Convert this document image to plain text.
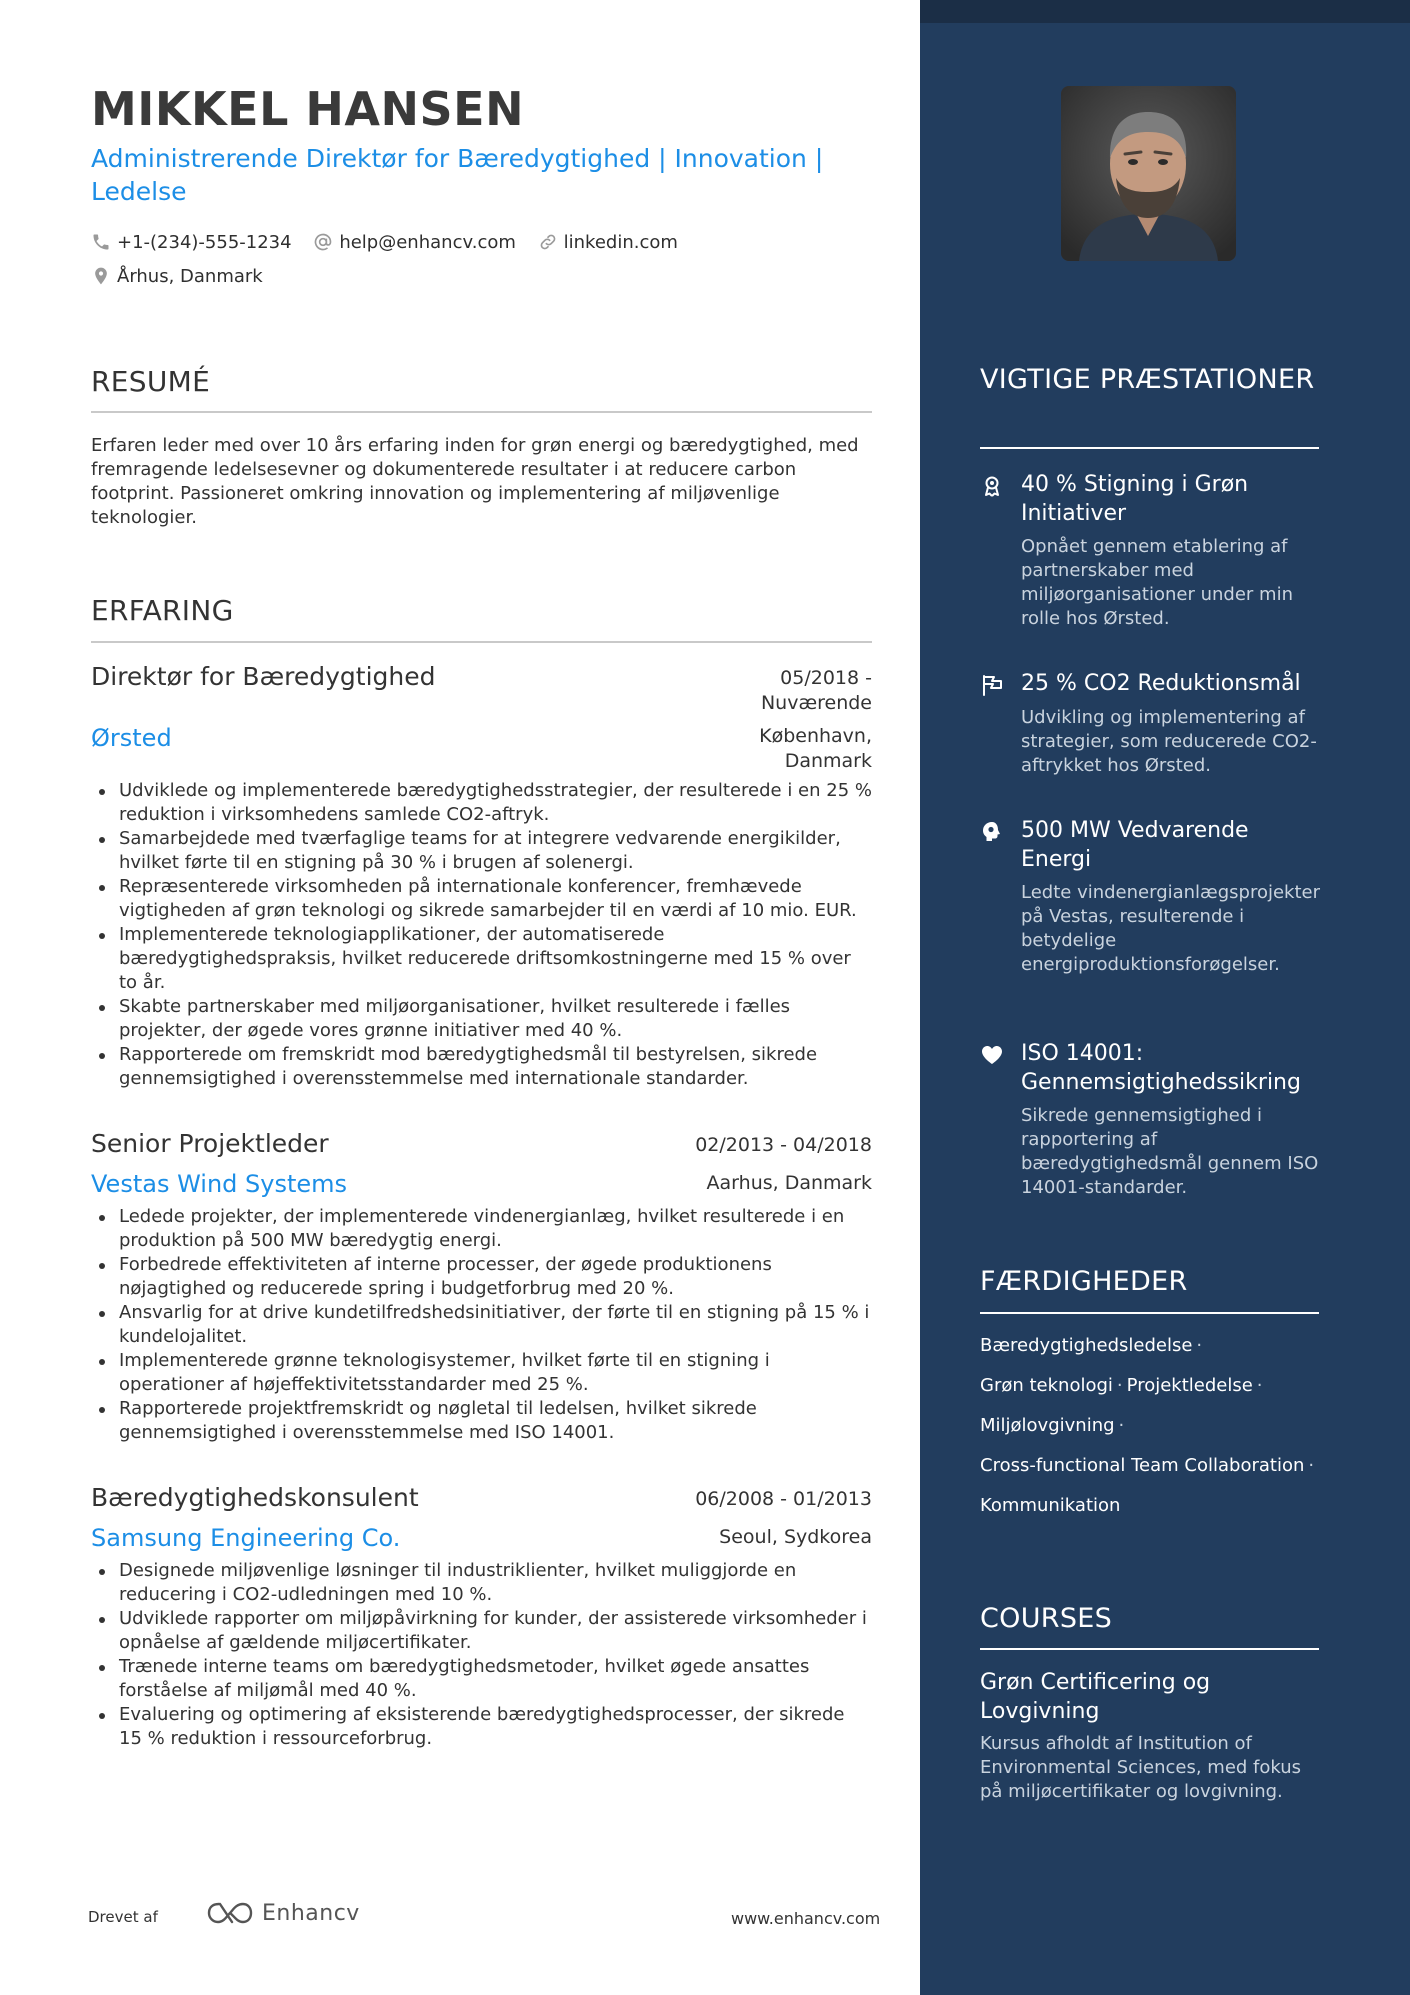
MIKKEL HANSEN
Administrerende Direktør for Bæredygtighed | Innovation | Ledelse
+1-(234)-555-1234
	help@enhancv.com
	linkedin.com
Århus, Danmark
RESUMÉ
Erfaren leder med over 10 års erfaring inden for grøn energi og bæredygtighed, med fremragende ledelsesevner og dokumenterede resultater i at reducere carbon footprint. Passioneret omkring innovation og implementering af miljøvenlige teknologier.
ERFARING
Direktør for Bæredygtighed	05/2018 -
Nuværende
Ørsted	København,
Danmark
Udviklede og implementerede bæredygtighedsstrategier, der resulterede i en 25 % reduktion i virksomhedens samlede CO2-aftryk.
Samarbejdede med tværfaglige teams for at integrere vedvarende energikilder, hvilket førte til en stigning på 30 % i brugen af solenergi.
Repræsenterede virksomheden på internationale konferencer, fremhævede vigtigheden af grøn teknologi og sikrede samarbejder til en værdi af 10 mio. EUR.
Implementerede teknologiapplikationer, der automatiserede bæredygtighedspraksis, hvilket reducerede driftsomkostningerne med 15 % over to år.
Skabte partnerskaber med miljøorganisationer, hvilket resulterede i fælles projekter, der øgede vores grønne initiativer med 40 %.
Rapporterede om fremskridt mod bæredygtighedsmål til bestyrelsen, sikrede gennemsigtighed i overensstemmelse med internationale standarder.
Senior Projektleder	02/2013 - 04/2018
Vestas Wind Systems	Aarhus, Danmark
Ledede projekter, der implementerede vindenergianlæg, hvilket resulterede i en produktion på 500 MW bæredygtig energi.
Forbedrede effektiviteten af interne processer, der øgede produktionens nøjagtighed og reducerede spring i budgetforbrug med 20 %.
Ansvarlig for at drive kundetilfredshedsinitiativer, der førte til en stigning på 15 % i kundelojalitet.
Implementerede grønne teknologisystemer, hvilket førte til en stigning i operationer af højeffektivitetsstandarder med 25 %.
Rapporterede projektfremskridt og nøgletal til ledelsen, hvilket sikrede gennemsigtighed i overensstemmelse med ISO 14001.
Bæredygtighedskonsulent	06/2008 - 01/2013
Samsung Engineering Co.	Seoul, Sydkorea
Designede miljøvenlige løsninger til industriklienter, hvilket muliggjorde en reducering i CO2-udledningen med 10 %.
Udviklede rapporter om miljøpåvirkning for kunder, der assisterede virksomheder i opnåelse af gældende miljøcertifikater.
Trænede interne teams om bæredygtighedsmetoder, hvilket øgede ansattes forståelse af miljømål med 40 %.
Evaluering og optimering af eksisterende bæredygtighedsprocesser, der sikrede 15 % reduktion i ressourceforbrug.
Drevet af	Enhancv	www.enhancv.com
VIGTIGE PRÆSTATIONER
40 % Stigning i Grøn Initiativer
Opnået gennem etablering af partnerskaber med miljøorganisationer under min rolle hos Ørsted.
25 % CO2 Reduktionsmål
Udvikling og implementering af strategier, som reducerede CO2-aftrykket hos Ørsted.
500 MW Vedvarende Energi
Ledte vindenergianlægsprojekter på Vestas, resulterende i betydelige energiproduktionsforøgelser.
ISO 14001: Gennemsigtighedssikring
Sikrede gennemsigtighed i rapportering af bæredygtighedsmål gennem ISO 14001-standarder.
FÆRDIGHEDER
Bæredygtighedsledelse ·
Grøn teknologi · Projektledelse ·
Miljølovgivning ·
Cross-functional Team Collaboration ·
Kommunikation
COURSES
Grøn Certificering og Lovgivning
Kursus afholdt af Institution of Environmental Sciences, med fokus på miljøcertifikater og lovgivning.
